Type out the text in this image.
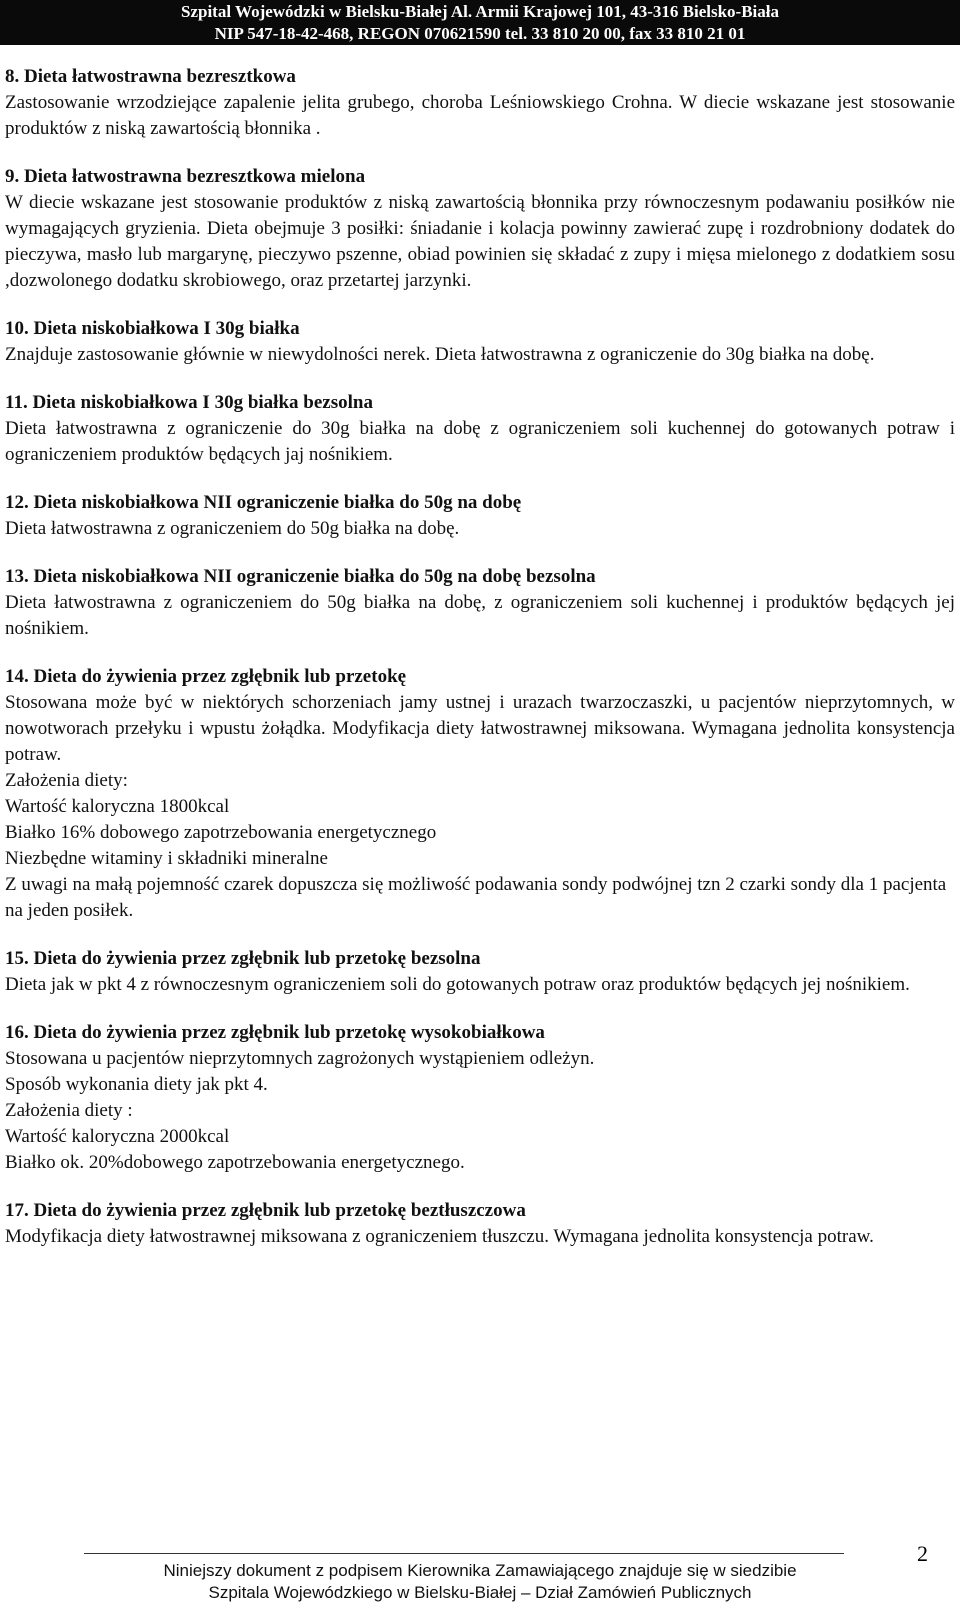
Szpital Wojewódzki w Bielsku-Białej Al. Armii Krajowej 101, 43-316 Bielsko-Biała
NIP 547-18-42-468, REGON 070621590 tel. 33 810 20 00, fax 33 810 21 01
8. Dieta łatwostrawna bezresztkowa
Zastosowanie wrzodziejące zapalenie jelita grubego, choroba Leśniowskiego Crohna. W diecie wskazane jest stosowanie produktów z niską zawartością błonnika .
9. Dieta łatwostrawna bezresztkowa mielona
W diecie wskazane jest stosowanie produktów z niską zawartością błonnika przy równoczesnym podawaniu posiłków nie wymagających gryzienia. Dieta obejmuje 3 posiłki: śniadanie i kolacja powinny zawierać zupę i rozdrobniony dodatek do pieczywa, masło lub margarynę, pieczywo pszenne, obiad powinien się składać z zupy i mięsa mielonego z dodatkiem sosu ,dozwolonego dodatku skrobiowego, oraz przetartej jarzynki.
10. Dieta niskobiałkowa I 30g białka
Znajduje zastosowanie głównie w niewydolności nerek. Dieta łatwostrawna z ograniczenie do 30g białka na dobę.
11. Dieta niskobiałkowa I 30g białka bezsolna
Dieta łatwostrawna z ograniczenie do 30g białka na dobę z ograniczeniem soli kuchennej do gotowanych potraw i ograniczeniem produktów będących jaj nośnikiem.
12. Dieta niskobiałkowa NII ograniczenie białka do 50g na dobę
Dieta łatwostrawna z ograniczeniem do 50g białka na dobę.
13. Dieta niskobiałkowa NII ograniczenie białka do 50g na dobę bezsolna
Dieta łatwostrawna z ograniczeniem do 50g białka na dobę, z ograniczeniem soli kuchennej i produktów będących jej nośnikiem.
14. Dieta do żywienia przez zgłębnik lub przetokę
Stosowana może być w niektórych schorzeniach jamy ustnej i urazach twarzoczaszki, u pacjentów nieprzytomnych, w nowotworach przełyku i wpustu żołądka. Modyfikacja diety łatwostrawnej miksowana. Wymagana jednolita konsystencja potraw.
Założenia diety:
Wartość kaloryczna 1800kcal
Białko 16% dobowego zapotrzebowania energetycznego
Niezbędne witaminy i składniki mineralne
Z uwagi na małą pojemność czarek dopuszcza się możliwość podawania sondy podwójnej tzn 2 czarki sondy dla 1 pacjenta na jeden posiłek.
15. Dieta do żywienia przez zgłębnik lub przetokę bezsolna
Dieta jak w pkt 4 z równoczesnym ograniczeniem soli do gotowanych potraw oraz produktów będących jej nośnikiem.
16. Dieta do żywienia przez zgłębnik lub przetokę wysokobiałkowa
Stosowana u pacjentów nieprzytomnych zagrożonych wystąpieniem odleżyn.
Sposób wykonania diety jak pkt 4.
Założenia diety :
Wartość kaloryczna 2000kcal
Białko ok. 20%dobowego zapotrzebowania energetycznego.
17. Dieta do żywienia przez zgłębnik lub przetokę beztłuszczowa
Modyfikacja diety łatwostrawnej miksowana z ograniczeniem tłuszczu. Wymagana jednolita konsystencja potraw.
2
Niniejszy dokument z podpisem Kierownika Zamawiającego znajduje się w siedzibie
Szpitala Wojewódzkiego w Bielsku-Białej – Dział Zamówień Publicznych
